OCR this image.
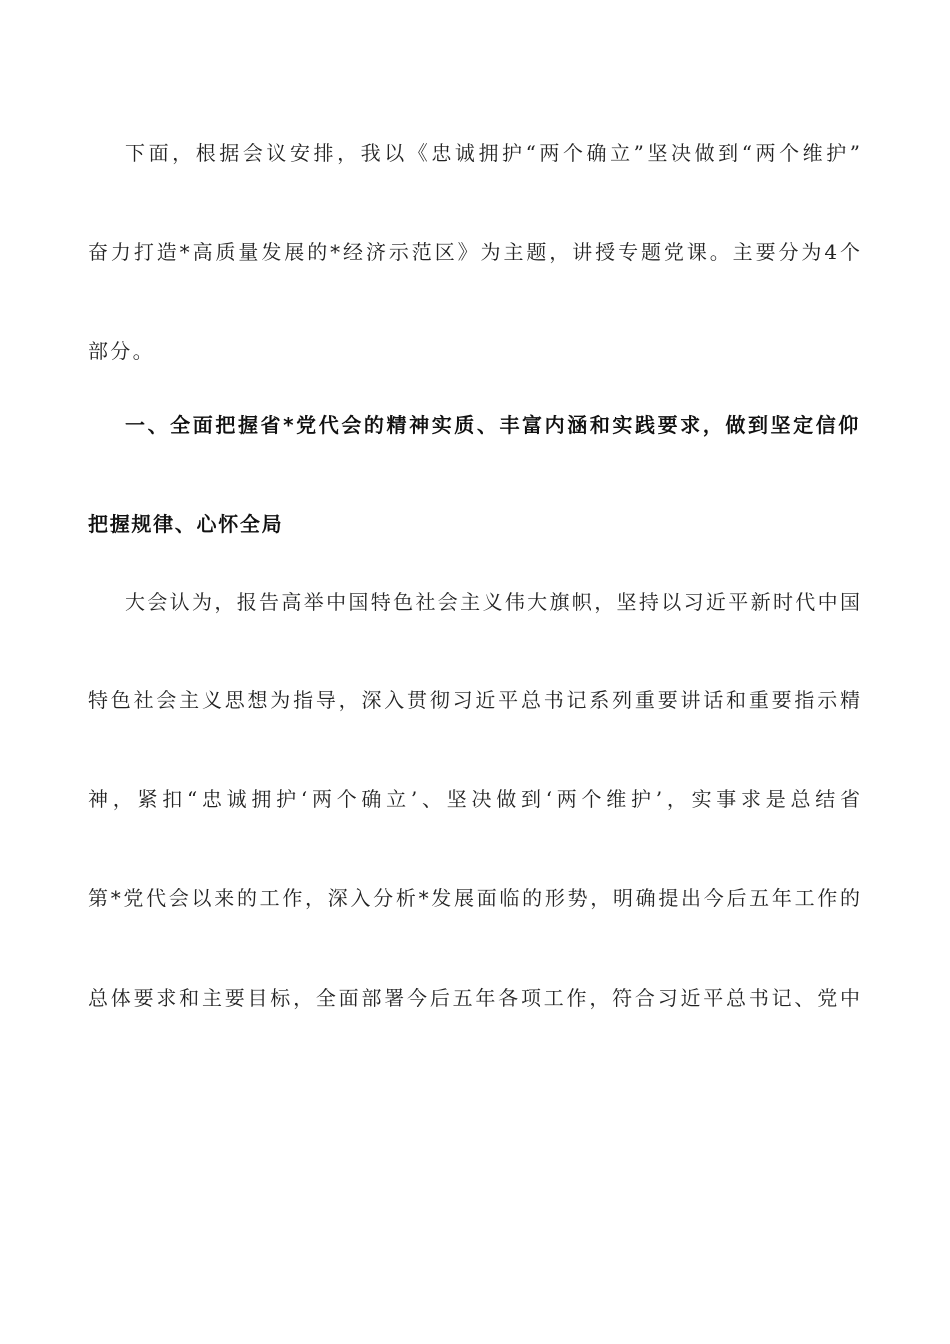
下面，根据会议安排，我以《忠诚拥护“两个确立”坚决做到“两个维护”
奋力打造*高质量发展的*经济示范区》为主题，讲授专题党课。主要分为4个
部分。
一、全面把握省*党代会的精神实质、丰富内涵和实践要求，做到坚定信仰
把握规律、心怀全局
大会认为，报告高举中国特色社会主义伟大旗帜，坚持以习近平新时代中国
特色社会主义思想为指导，深入贯彻习近平总书记系列重要讲话和重要指示精
神，紧扣“忠诚拥护‘两个确立’、坚决做到‘两个维护’，实事求是总结省
第*党代会以来的工作，深入分析*发展面临的形势，明确提出今后五年工作的
总体要求和主要目标，全面部署今后五年各项工作，符合习近平总书记、党中
